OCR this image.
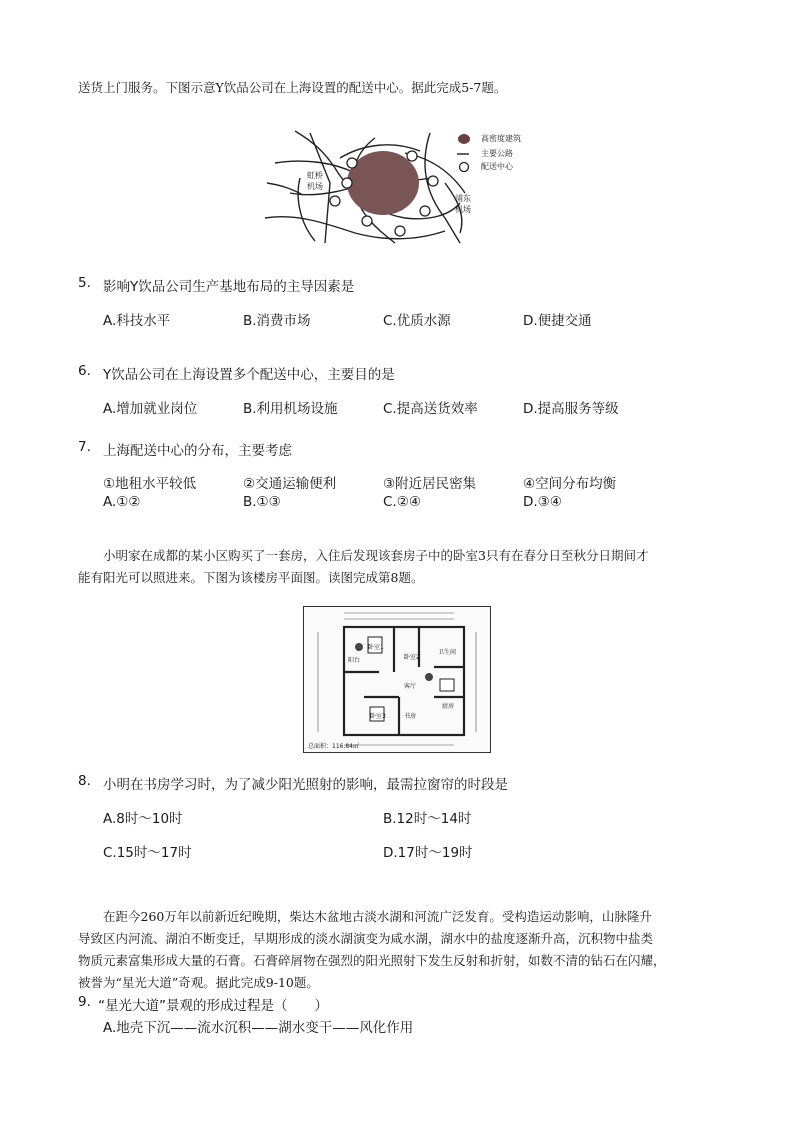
送货上门服务。下图示意Y饮品公司在上海设置的配送中心。据此完成5-7题。
高密度建筑
主要公路
配送中心
虹桥
机场
浦东
机场
5. 影响Y饮品公司生产基地布局的主导因素是
A.科技水平	B.消费市场	C.优质水源	D.便捷交通
6. Y饮品公司在上海设置多个配送中心，主要目的是
A.增加就业岗位	B.利用机场设施	C.提高送货效率	D.提高服务等级
7. 上海配送中心的分布，主要考虑
①地租水平较低	②交通运输便利	③附近居民密集	④空间分布均衡
A.①②	B.①③	C.②④	D.③④
小明家在成都的某小区购买了一套房，入住后发现该套房子中的卧室3只有在春分日至秋分日期间才
能有阳光可以照进来。下图为该楼房平面图。读图完成第8题。
阳台
卧室1
卧室2
卧室3	书房
客厅
厨房
卫生间
总面积：116.84㎡
8. 小明在书房学习时，为了减少阳光照射的影响，最需拉窗帘的时段是
A.8时～10时	B.12时～14时
C.15时～17时	D.17时～19时
在距今260万年以前新近纪晚期，柴达木盆地古淡水湖和河流广泛发育。受构造运动影响，山脉隆升
导致区内河流、湖泊不断变迁，早期形成的淡水湖演变为咸水湖，湖水中的盐度逐渐升高，沉积物中盐类
物质元素富集形成大量的石膏。石膏碎屑物在强烈的阳光照射下发生反射和折射，如数不清的钻石在闪耀，
被誉为“星光大道”奇观。据此完成9-10题。
9. “星光大道”景观的形成过程是（　　）
A.地壳下沉——流水沉积——湖水变干——风化作用
